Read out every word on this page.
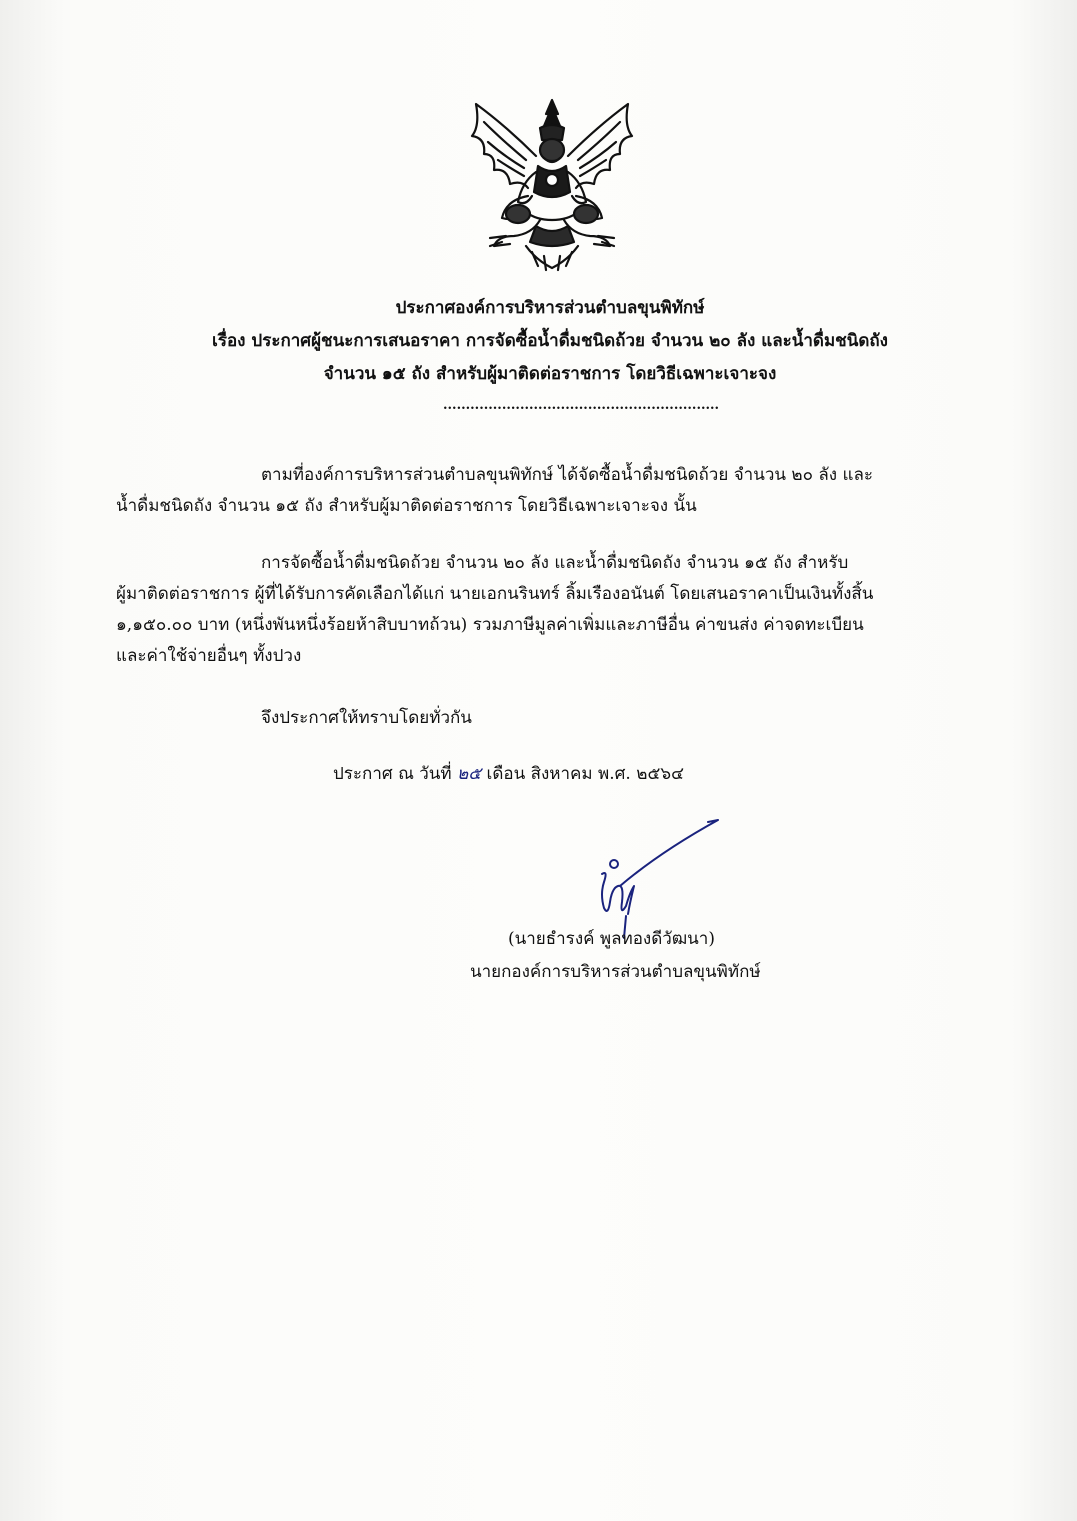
ประกาศองค์การบริหารส่วนตำบลขุนพิทักษ์
เรื่อง ประกาศผู้ชนะการเสนอราคา การจัดซื้อน้ำดื่มชนิดถ้วย จำนวน ๒๐ ลัง และน้ำดื่มชนิดถัง
จำนวน ๑๕ ถัง สำหรับผู้มาติดต่อราชการ โดยวิธีเฉพาะเจาะจง
.............................................................
ตามที่องค์การบริหารส่วนตำบลขุนพิทักษ์ ได้จัดซื้อน้ำดื่มชนิดถ้วย จำนวน ๒๐ ลัง และ
น้ำดื่มชนิดถัง จำนวน ๑๕ ถัง สำหรับผู้มาติดต่อราชการ โดยวิธีเฉพาะเจาะจง นั้น
การจัดซื้อน้ำดื่มชนิดถ้วย จำนวน ๒๐ ลัง และน้ำดื่มชนิดถัง จำนวน ๑๕ ถัง สำหรับ
ผู้มาติดต่อราชการ ผู้ที่ได้รับการคัดเลือกได้แก่ นายเอกนรินทร์ ลิ้มเรืองอนันต์ โดยเสนอราคาเป็นเงินทั้งสิ้น
๑,๑๕๐.๐๐ บาท (หนึ่งพันหนึ่งร้อยห้าสิบบาทถ้วน) รวมภาษีมูลค่าเพิ่มและภาษีอื่น ค่าขนส่ง ค่าจดทะเบียน
และค่าใช้จ่ายอื่นๆ ทั้งปวง
จึงประกาศให้ทราบโดยทั่วกัน
ประกาศ ณ วันที่ ๒๕ เดือน สิงหาคม พ.ศ. ๒๕๖๔
(นายธำรงค์ พูลทองดีวัฒนา)
นายกองค์การบริหารส่วนตำบลขุนพิทักษ์
